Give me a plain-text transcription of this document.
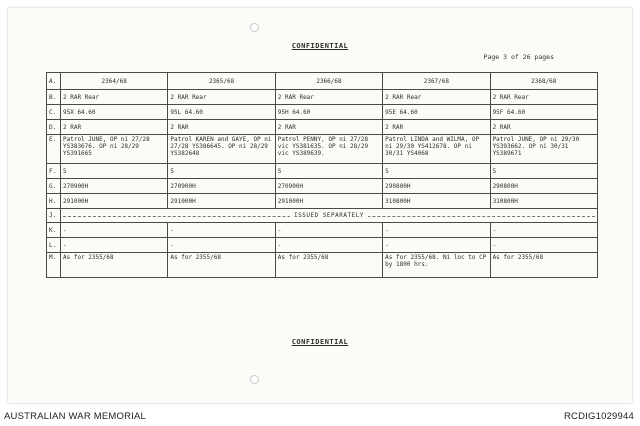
CONFIDENTIAL
Page 3 of 26 pages
A.	2364/68	2365/68	2366/68	2367/68	2368/68
B.	2 RAR Rear	2 RAR Rear	2 RAR Rear	2 RAR Rear	2 RAR Rear
C.	95X 64.60	95L 64.60	95H 64.60	95E 64.60	95F 64.60
D.	2 RAR	2 RAR	2 RAR	2 RAR	2 RAR
E.	Patrol JUNE, OP ni 27/28 YS383676. OP ni 28/29 YS391665	Patrol KAREN and GAYE, OP ni 27/28 YS386645. OP ni 28/29 YS382648	Patrol PENNY, OP ni 27/28 vic YS381635. OP ni 28/29 vic YS389639.	Patrol LINDA and WILMA, OP ni 29/30 YS412678. OP ni 30/31 YS4068	Patrol JUNE, OP ni 29/30 YS393662. OP ni 30/31 YS389671
F.	5	5	5	5	5
G.	270900H	270900H	270900H	290800H	290800H
H.	291000H	291000H	291000H	310800H	310800H
J.	ISSUED SEPARATELY				

K.	-	-	-	-	-
L.	-	-	-	-	-
M.	As for 2355/68	As for 2355/68	As for 2355/68	As for 2355/68. Ni loc to CP by 1800 hrs.	As for 2355/68
CONFIDENTIAL
AUSTRALIAN WAR MEMORIAL	RCDIG1029944
